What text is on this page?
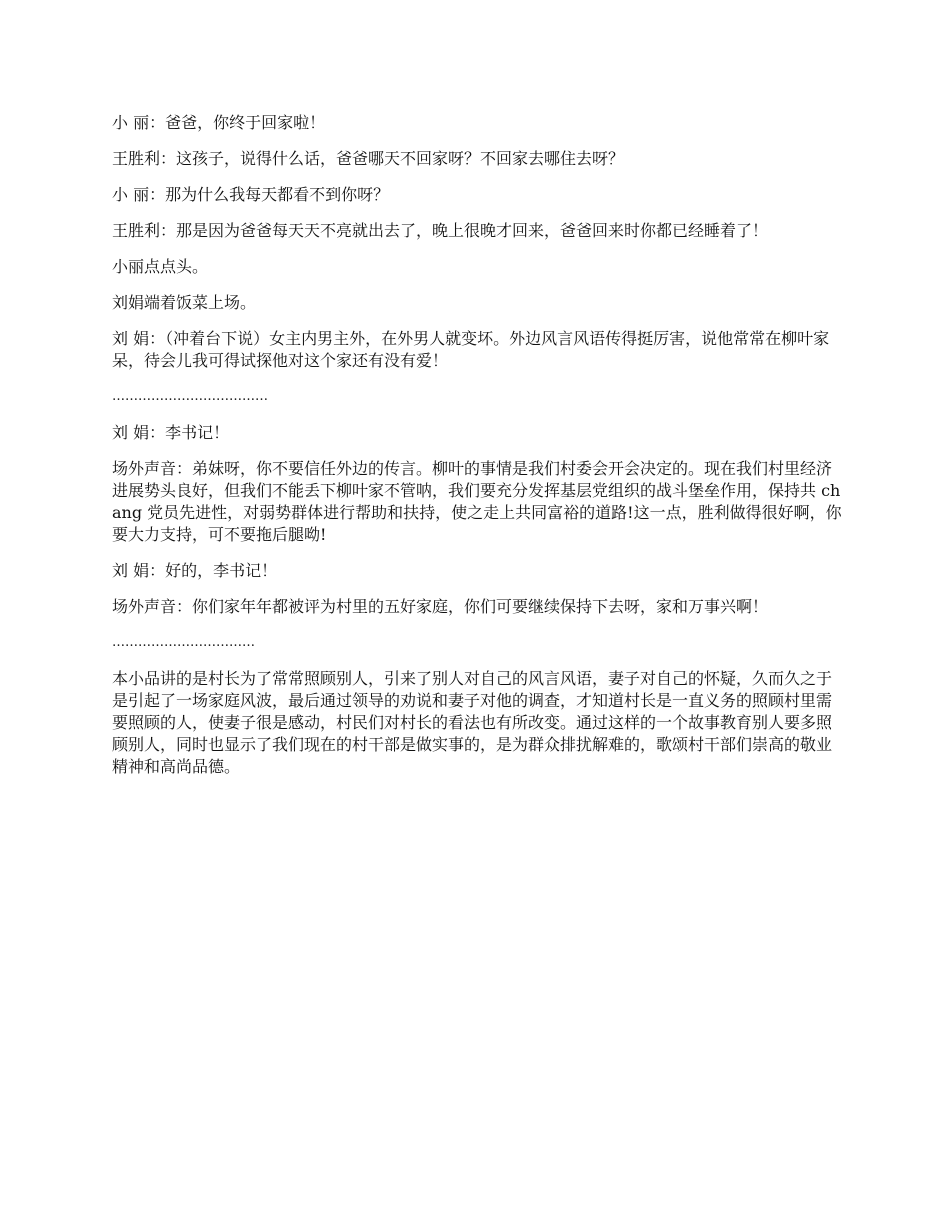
小 丽：爸爸，你终于回家啦！

王胜利：这孩子，说得什么话，爸爸哪天不回家呀？不回家去哪住去呀？

小 丽：那为什么我每天都看不到你呀？

王胜利：那是因为爸爸每天天不亮就出去了，晚上很晚才回来，爸爸回来时你都已经睡着了！

小丽点点头。

刘娟端着饭菜上场。

刘 娟：（冲着台下说）女主内男主外，在外男人就变坏。外边风言风语传得挺厉害，说他常常在柳叶家呆，待会儿我可得试探他对这个家还有没有爱！

………………………………

刘 娟：李书记！

场外声音：弟妹呀，你不要信任外边的传言。柳叶的事情是我们村委会开会决定的。现在我们村里经济进展势头良好，但我们不能丢下柳叶家不管呐，我们要充分发挥基层党组织的战斗堡垒作用，保持共 chang 党员先进性，对弱势群体进行帮助和扶持，使之走上共同富裕的道路!这一点，胜利做得很好啊，你要大力支持，可不要拖后腿呦!

刘 娟：好的，李书记！

场外声音：你们家年年都被评为村里的五好家庭，你们可要继续保持下去呀，家和万事兴啊！

……………………………

本小品讲的是村长为了常常照顾别人，引来了别人对自己的风言风语，妻子对自己的怀疑，久而久之于是引起了一场家庭风波，最后通过领导的劝说和妻子对他的调查，才知道村长是一直义务的照顾村里需要照顾的人，使妻子很是感动，村民们对村长的看法也有所改变。通过这样的一个故事教育别人要多照顾别人，同时也显示了我们现在的村干部是做实事的，是为群众排扰解难的，歌颂村干部们崇高的敬业精神和高尚品德。
